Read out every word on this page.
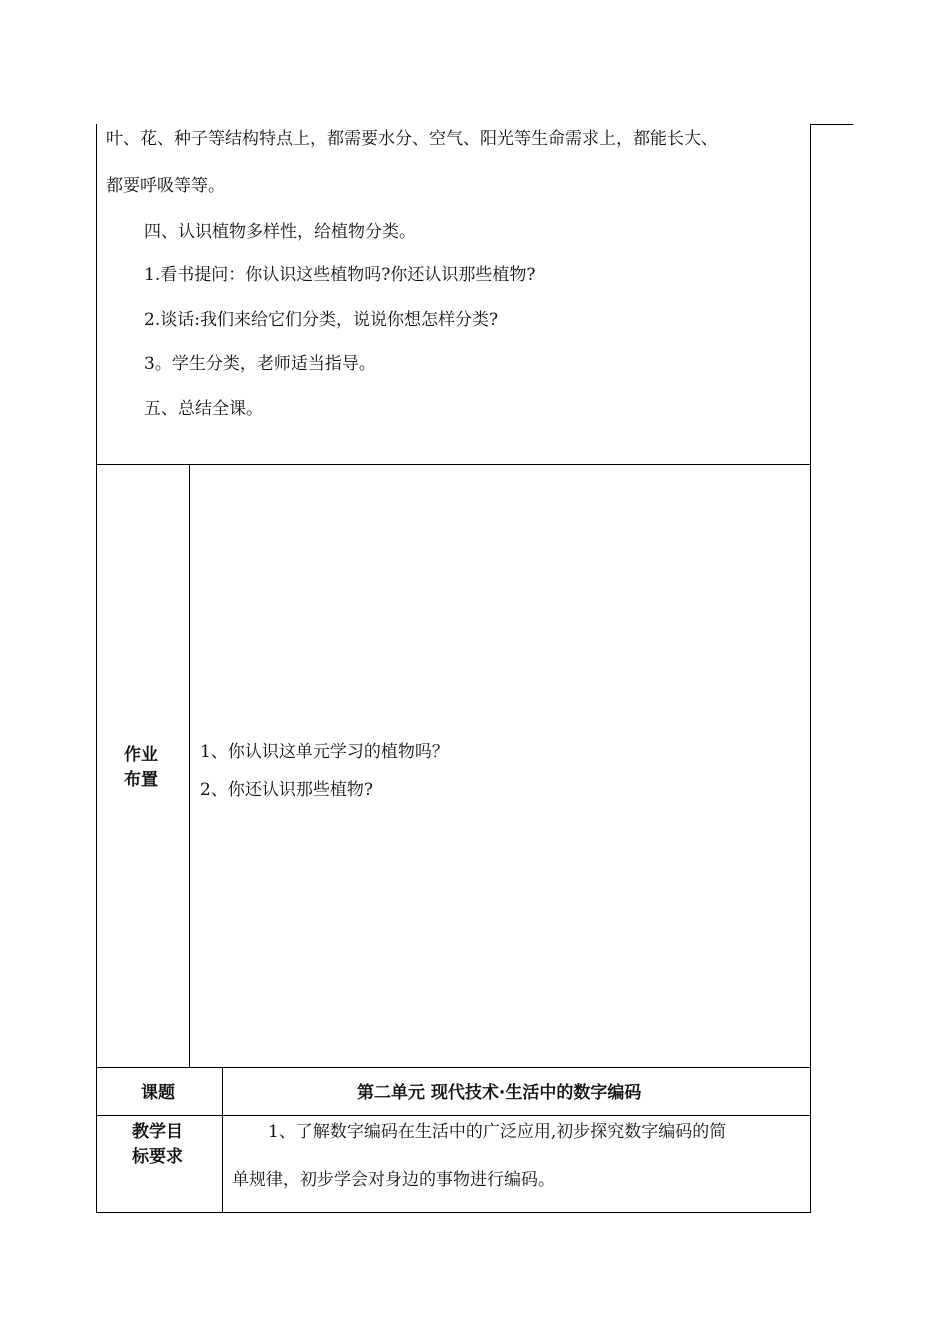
叶、花、种子等结构特点上，都需要水分、空气、阳光等生命需求上，都能长大、
都要呼吸等等。
四、认识植物多样性，给植物分类。
1.看书提问：你认识这些植物吗?你还认识那些植物?
2.谈话:我们来给它们分类，说说你想怎样分类?
3。学生分类，老师适当指导。
五、总结全课。
作业
布置
1、你认识这单元学习的植物吗？
2、你还认识那些植物?
课题	第二单元 现代技术·生活中的数字编码
教学目
标要求
1、了解数字编码在生活中的广泛应用,初步探究数字编码的简
单规律，初步学会对身边的事物进行编码。
